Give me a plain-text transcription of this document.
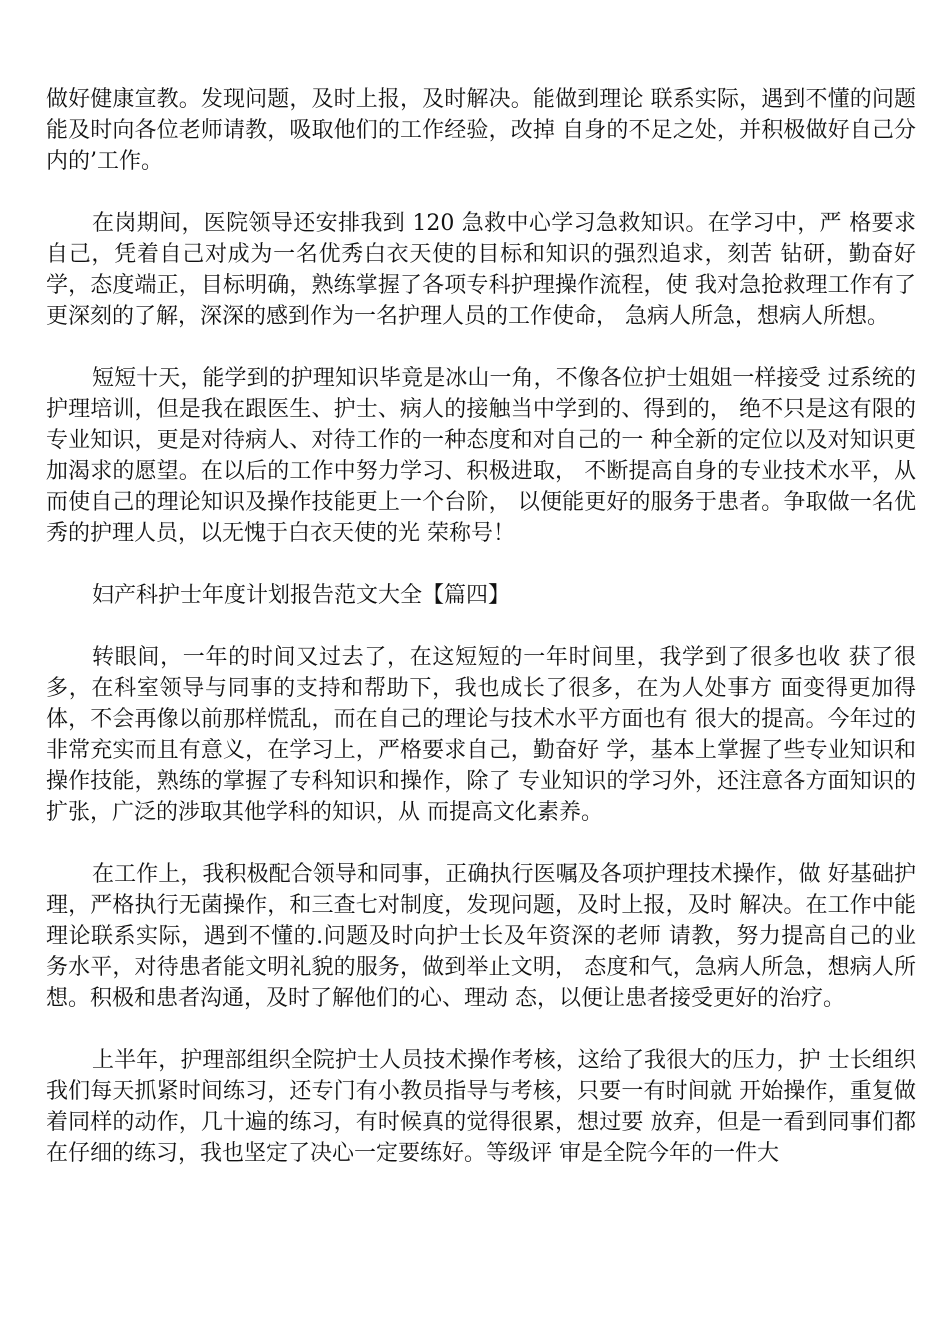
做好健康宣教。发现问题，及时上报，及时解决。能做到理论 联系实际，遇到不懂的问题能及时向各位老师请教，吸取他们的工作经验，改掉 自身的不足之处，并积极做好自己分内的’工作。

在岗期间，医院领导还安排我到 120 急救中心学习急救知识。在学习中，严 格要求自己，凭着自己对成为一名优秀白衣天使的目标和知识的强烈追求，刻苦 钻研，勤奋好学，态度端正，目标明确，熟练掌握了各项专科护理操作流程，使 我对急抢救理工作有了更深刻的了解，深深的感到作为一名护理人员的工作使命， 急病人所急，想病人所想。

短短十天，能学到的护理知识毕竟是冰山一角，不像各位护士姐姐一样接受 过系统的护理培训，但是我在跟医生、护士、病人的接触当中学到的、得到的， 绝不只是这有限的专业知识，更是对待病人、对待工作的一种态度和对自己的一 种全新的定位以及对知识更加渴求的愿望。在以后的工作中努力学习、积极进取， 不断提高自身的专业技术水平，从而使自己的理论知识及操作技能更上一个台阶， 以便能更好的服务于患者。争取做一名优秀的护理人员，以无愧于白衣天使的光 荣称号！

妇产科护士年度计划报告范文大全【篇四】

转眼间，一年的时间又过去了，在这短短的一年时间里，我学到了很多也收 获了很多，在科室领导与同事的支持和帮助下，我也成长了很多，在为人处事方 面变得更加得体，不会再像以前那样慌乱，而在自己的理论与技术水平方面也有 很大的提高。今年过的非常充实而且有意义，在学习上，严格要求自己，勤奋好 学，基本上掌握了些专业知识和操作技能，熟练的掌握了专科知识和操作，除了 专业知识的学习外，还注意各方面知识的扩张，广泛的涉取其他学科的知识，从 而提高文化素养。

在工作上，我积极配合领导和同事，正确执行医嘱及各项护理技术操作，做 好基础护理，严格执行无菌操作，和三查七对制度，发现问题，及时上报，及时 解决。在工作中能理论联系实际，遇到不懂的.问题及时向护士长及年资深的老师 请教，努力提高自己的业务水平，对待患者能文明礼貌的服务，做到举止文明， 态度和气，急病人所急，想病人所想。积极和患者沟通，及时了解他们的心、理动 态，以便让患者接受更好的治疗。

上半年，护理部组织全院护士人员技术操作考核，这给了我很大的压力，护 士长组织我们每天抓紧时间练习，还专门有小教员指导与考核，只要一有时间就 开始操作，重复做着同样的动作，几十遍的练习，有时候真的觉得很累，想过要 放弃，但是一看到同事们都在仔细的练习，我也坚定了决心一定要练好。等级评 审是全院今年的一件大
